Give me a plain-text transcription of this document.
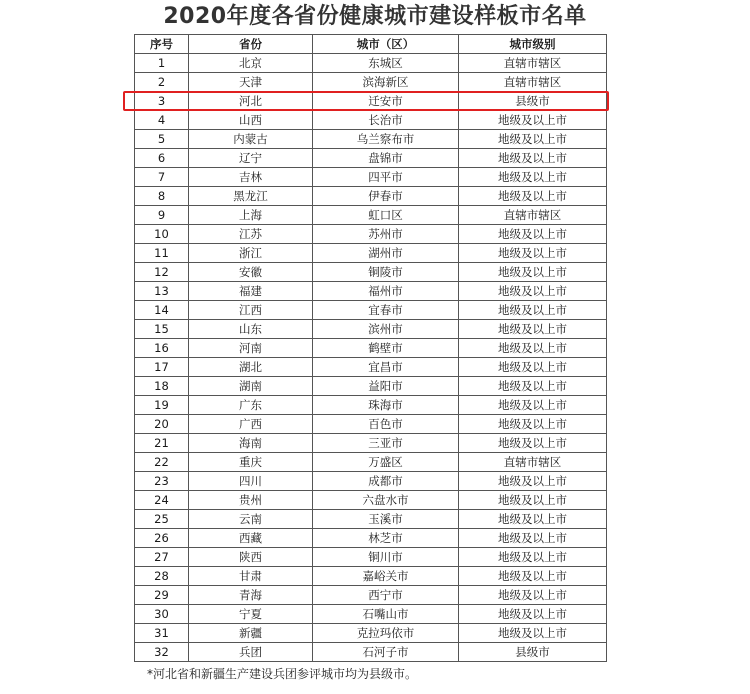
2020年度各省份健康城市建设样板市名单
序号	省份	城市（区）	城市级别
1	北京	东城区	直辖市辖区
2	天津	滨海新区	直辖市辖区
3	河北	迁安市	县级市
4	山西	长治市	地级及以上市
5	内蒙古	乌兰察布市	地级及以上市
6	辽宁	盘锦市	地级及以上市
7	吉林	四平市	地级及以上市
8	黑龙江	伊春市	地级及以上市
9	上海	虹口区	直辖市辖区
10	江苏	苏州市	地级及以上市
11	浙江	湖州市	地级及以上市
12	安徽	铜陵市	地级及以上市
13	福建	福州市	地级及以上市
14	江西	宜春市	地级及以上市
15	山东	滨州市	地级及以上市
16	河南	鹤壁市	地级及以上市
17	湖北	宜昌市	地级及以上市
18	湖南	益阳市	地级及以上市
19	广东	珠海市	地级及以上市
20	广西	百色市	地级及以上市
21	海南	三亚市	地级及以上市
22	重庆	万盛区	直辖市辖区
23	四川	成都市	地级及以上市
24	贵州	六盘水市	地级及以上市
25	云南	玉溪市	地级及以上市
26	西藏	林芝市	地级及以上市
27	陕西	铜川市	地级及以上市
28	甘肃	嘉峪关市	地级及以上市
29	青海	西宁市	地级及以上市
30	宁夏	石嘴山市	地级及以上市
31	新疆	克拉玛依市	地级及以上市
32	兵团	石河子市	县级市
*河北省和新疆生产建设兵团参评城市均为县级市。
